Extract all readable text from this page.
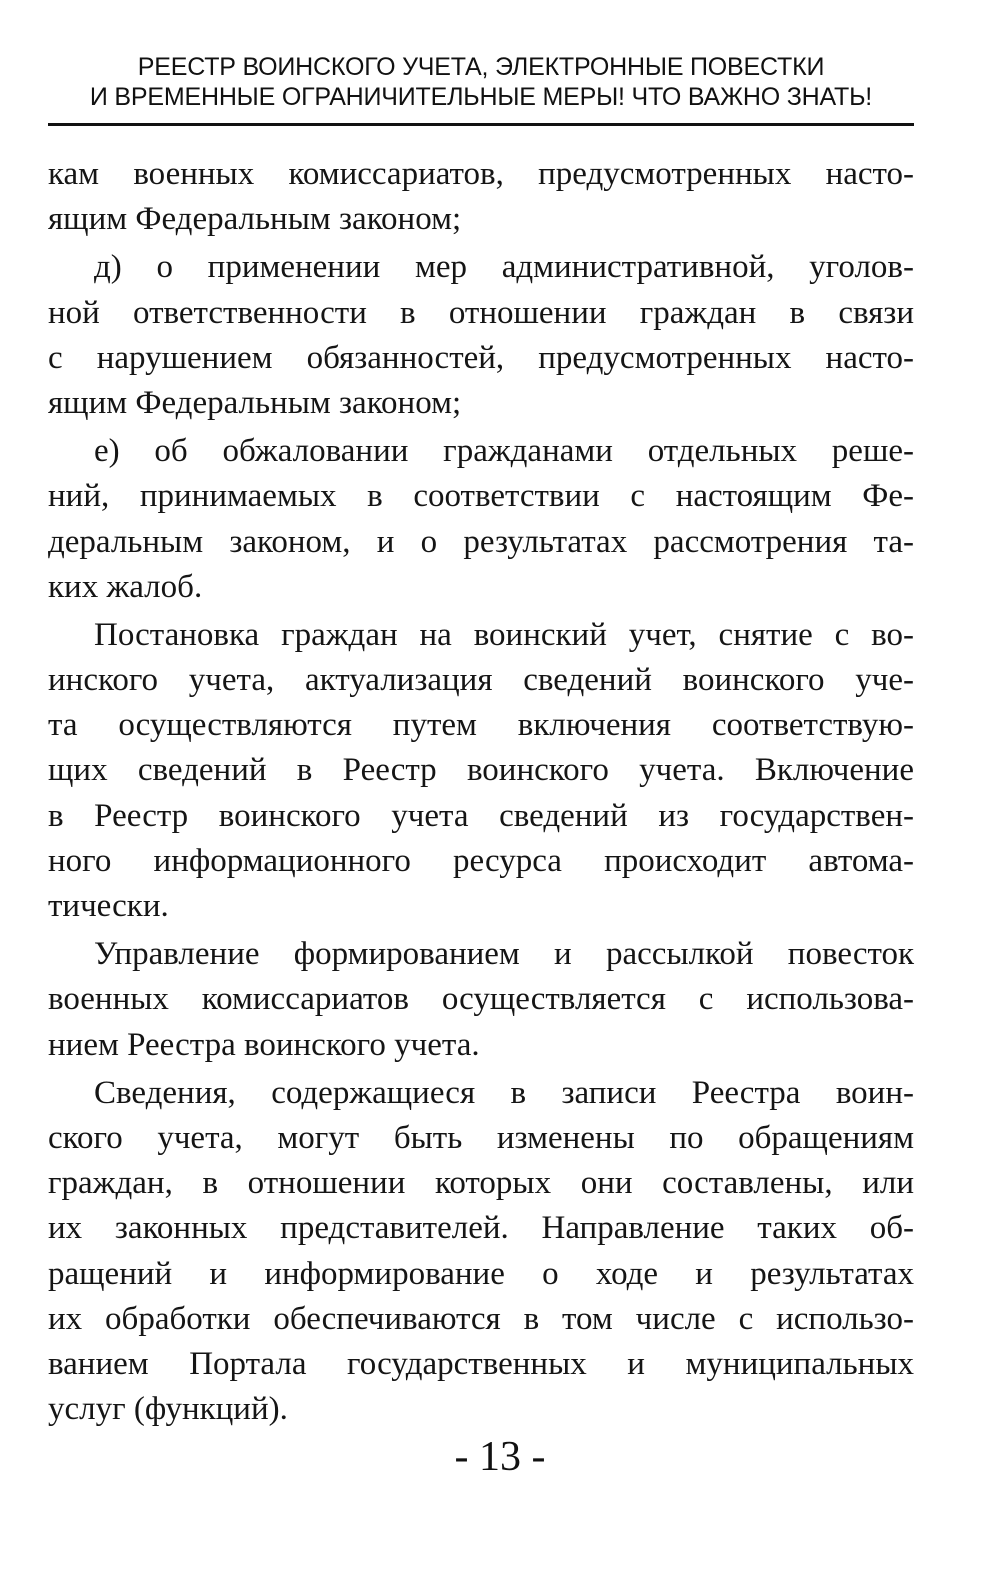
РЕЕСТР ВОИНСКОГО УЧЕТА, ЭЛЕКТРОННЫЕ ПОВЕСТКИ
И ВРЕМЕННЫЕ ОГРАНИЧИТЕЛЬНЫЕ МЕРЫ! ЧТО ВАЖНО ЗНАТЬ!
кам военных комиссариатов, предусмотренных насто-
ящим Федеральным законом;
д) о применении мер административной, уголов-
ной ответственности в отношении граждан в связи
с нарушением обязанностей, предусмотренных насто-
ящим Федеральным законом;
е) об обжаловании гражданами отдельных реше-
ний, принимаемых в соответствии с настоящим Фе-
деральным законом, и о результатах рассмотрения та-
ких жалоб.
Постановка граждан на воинский учет, снятие с во-
инского учета, актуализация сведений воинского уче-
та осуществляются путем включения соответствую-
щих сведений в Реестр воинского учета. Включение
в Реестр воинского учета сведений из государствен-
ного информационного ресурса происходит автома-
тически.
Управление формированием и рассылкой повесток
военных комиссариатов осуществляется с использова-
нием Реестра воинского учета.
Сведения, содержащиеся в записи Реестра воин-
ского учета, могут быть изменены по обращениям
граждан, в отношении которых они составлены, или
их законных представителей. Направление таких об-
ращений и информирование о ходе и результатах
их обработки обеспечиваются в том числе с использо-
ванием Портала государственных и муниципальных
услуг (функций).
- 13 -
